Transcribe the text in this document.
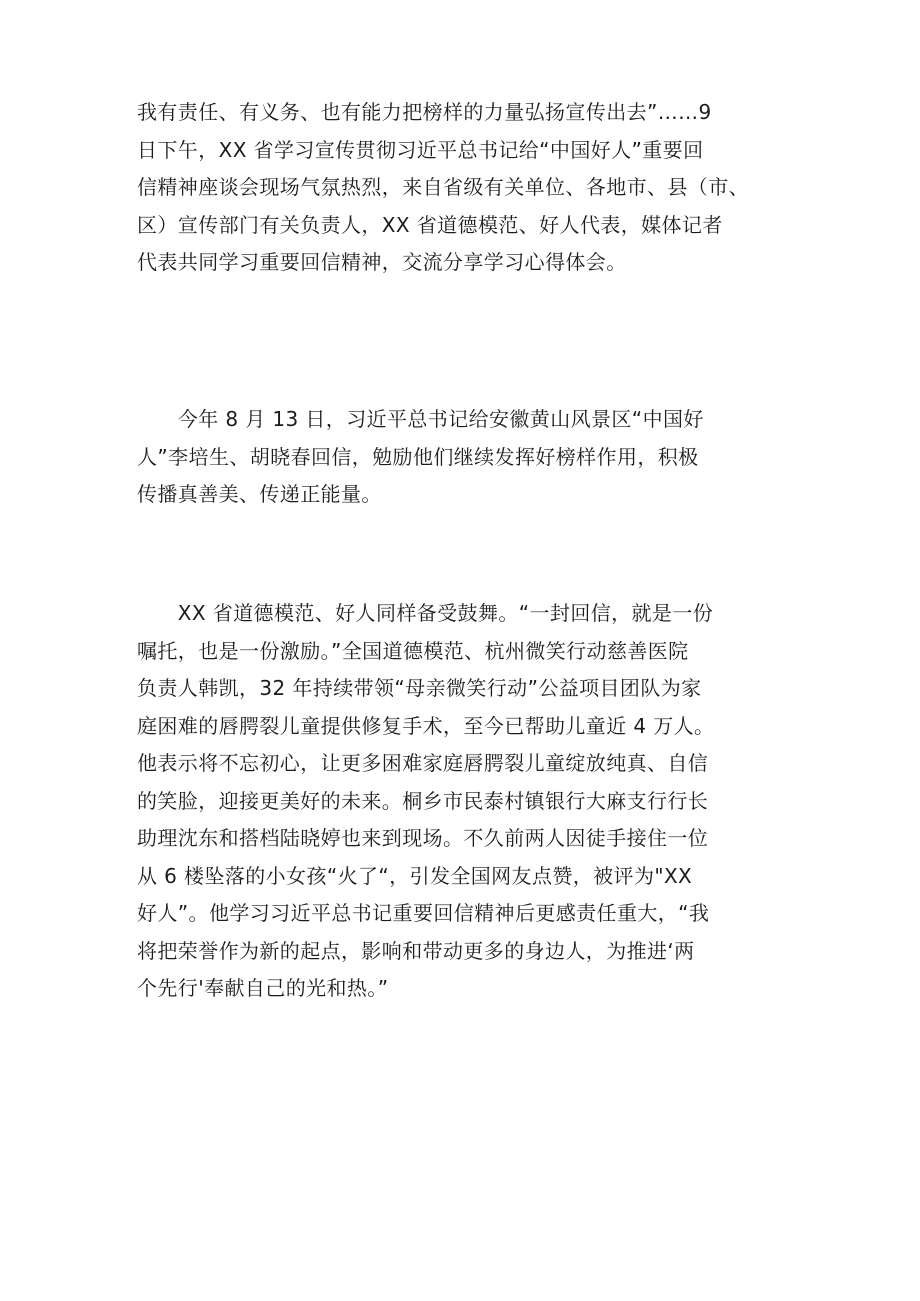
我有责任、有义务、也有能力把榜样的力量弘扬宣传出去”……9
日下午，XX 省学习宣传贯彻习近平总书记给“中国好人”重要回
信精神座谈会现场气氛热烈，来自省级有关单位、各地市、县（市、
区）宣传部门有关负责人，XX 省道德模范、好人代表，媒体记者
代表共同学习重要回信精神，交流分享学习心得体会。
　　今年 8 月 13 日，习近平总书记给安徽黄山风景区“中国好
人”李培生、胡晓春回信，勉励他们继续发挥好榜样作用，积极
传播真善美、传递正能量。
　　XX 省道德模范、好人同样备受鼓舞。“一封回信，就是一份
嘱托，也是一份激励。”全国道德模范、杭州微笑行动慈善医院
负责人韩凯，32 年持续带领“母亲微笑行动”公益项目团队为家
庭困难的唇腭裂儿童提供修复手术，至今已帮助儿童近 4 万人。
他表示将不忘初心，让更多困难家庭唇腭裂儿童绽放纯真、自信
的笑脸，迎接更美好的未来。桐乡市民泰村镇银行大麻支行行长
助理沈东和搭档陆晓婷也来到现场。不久前两人因徒手接住一位
从 6 楼坠落的小女孩“火了“，引发全国网友点赞，被评为"XX
好人”。他学习习近平总书记重要回信精神后更感责任重大，“我
将把荣誉作为新的起点，影响和带动更多的身边人，为推进‘两
个先行'奉献自己的光和热。”
